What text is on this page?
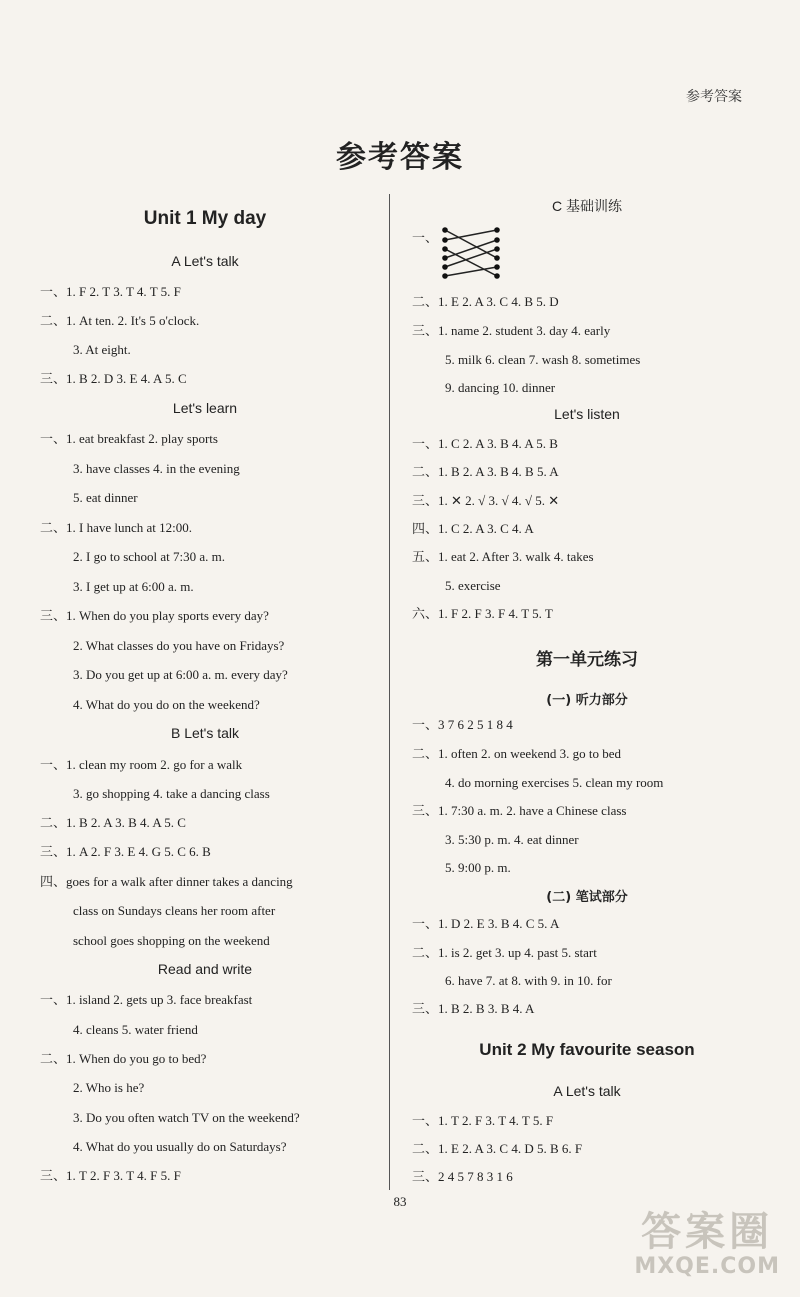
参考答案
参考答案
Unit 1 My day
A Let's talk
一、1. F 2. T 3. T 4. T 5. F
二、1. At ten. 2. It's 5 o'clock.
3. At eight.
三、1. B 2. D 3. E 4. A 5. C
Let's learn
一、1. eat breakfast 2. play sports
3. have classes 4. in the evening
5. eat dinner
二、1. I have lunch at 12:00.
2. I go to school at 7:30 a. m.
3. I get up at 6:00 a. m.
三、1. When do you play sports every day?
2. What classes do you have on Fridays?
3. Do you get up at 6:00 a. m. every day?
4. What do you do on the weekend?
B Let's talk
一、1. clean my room 2. go for a walk
3. go shopping 4. take a dancing class
二、1. B 2. A 3. B 4. A 5. C
三、1. A 2. F 3. E 4. G 5. C 6. B
四、goes for a walk after dinner takes a dancing
class on Sundays cleans her room after
school goes shopping on the weekend
Read and write
一、1. island 2. gets up 3. face breakfast
4. cleans 5. water friend
二、1. When do you go to bed?
2. Who is he?
3. Do you often watch TV on the weekend?
4. What do you usually do on Saturdays?
三、1. T 2. F 3. T 4. F 5. F
C 基础训练
一、
二、1. E 2. A 3. C 4. B 5. D
三、1. name 2. student 3. day 4. early
5. milk 6. clean 7. wash 8. sometimes
9. dancing 10. dinner
Let's listen
一、1. C 2. A 3. B 4. A 5. B
二、1. B 2. A 3. B 4. B 5. A
三、1. ✕ 2. √ 3. √ 4. √ 5. ✕
四、1. C 2. A 3. C 4. A
五、1. eat 2. After 3. walk 4. takes
5. exercise
六、1. F 2. F 3. F 4. T 5. T
第一单元练习
(一) 听力部分
一、3 7 6 2 5 1 8 4
二、1. often 2. on weekend 3. go to bed
4. do morning exercises 5. clean my room
三、1. 7:30 a. m. 2. have a Chinese class
3. 5:30 p. m. 4. eat dinner
5. 9:00 p. m.
(二) 笔试部分
一、1. D 2. E 3. B 4. C 5. A
二、1. is 2. get 3. up 4. past 5. start
6. have 7. at 8. with 9. in 10. for
三、1. B 2. B 3. B 4. A
Unit 2 My favourite season
A Let's talk
一、1. T 2. F 3. T 4. T 5. F
二、1. E 2. A 3. C 4. D 5. B 6. F
三、2 4 5 7 8 3 1 6
83
答案圈
MXQE.COM
